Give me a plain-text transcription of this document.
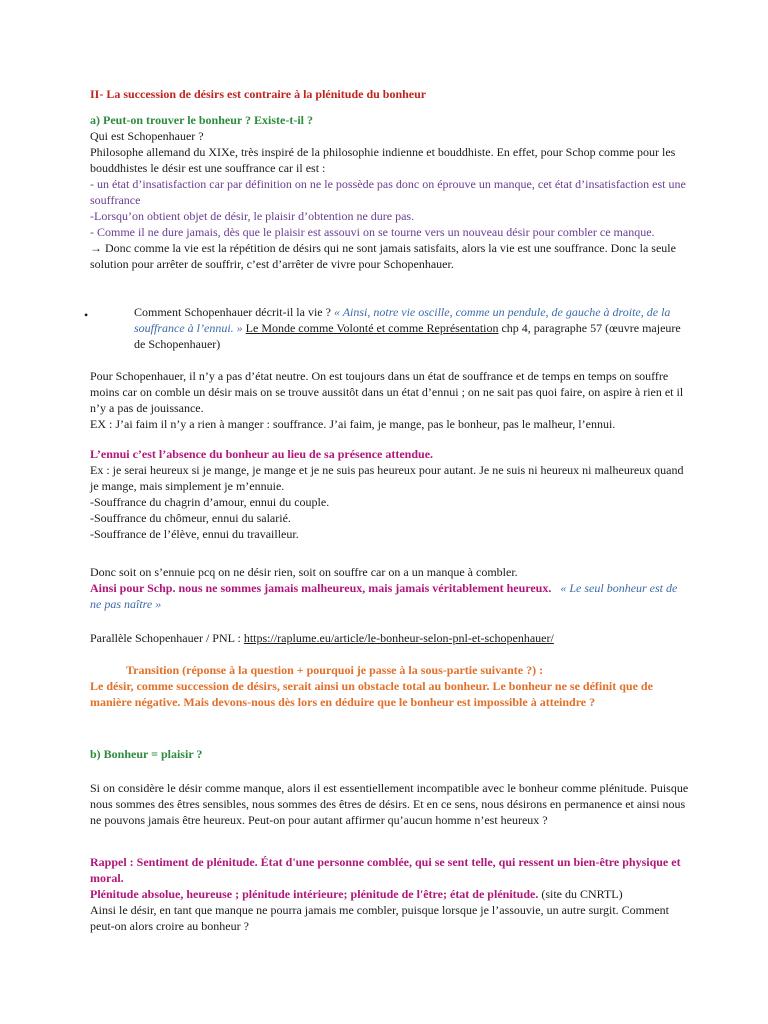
II- La succession de désirs est contraire à la plénitude du bonheur

a) Peut-on trouver le bonheur ? Existe-t-il ?

Qui est Schopenhauer ?

Philosophe allemand du XIXe, très inspiré de la philosophie indienne et bouddhiste. En effet, pour Schop comme pour les bouddhistes le désir est une souffrance car il est :

- un état d’insatisfaction car par définition on ne le possède pas donc on éprouve un manque, cet état d’insatisfaction est une souffrance

-Lorsqu’on obtient objet de désir, le plaisir d’obtention ne dure pas.

- Comme il ne dure jamais, dès que le plaisir est assouvi on se tourne vers un nouveau désir pour combler ce manque.

→ Donc comme la vie est la répétition de désirs qui ne sont jamais satisfaits, alors la vie est une souffrance. Donc la seule solution pour arrêter de souffrir, c’est d’arrêter de vivre pour Schopenhauer.

•	Comment Schopenhauer décrit-il la vie ? « Ainsi, notre vie oscille, comme un pendule, de gauche à droite, de la souffrance à l’ennui. » Le Monde comme Volonté et comme Représentation chp 4, paragraphe 57 (œuvre majeure de Schopenhauer)

Pour Schopenhauer, il n’y a pas d’état neutre. On est toujours dans un état de souffrance et de temps en temps on souffre moins car on comble un désir mais on se trouve aussitôt dans un état d’ennui ; on ne sait pas quoi faire, on aspire à rien et il n’y a pas de jouissance.

EX : J’ai faim il n’y a rien à manger : souffrance. J’ai faim, je mange, pas le bonheur, pas le malheur, l’ennui.

L’ennui c’est l’absence du bonheur au lieu de sa présence attendue.

Ex : je serai heureux si je mange, je mange et je ne suis pas heureux pour autant. Je ne suis ni heureux ni malheureux quand je mange, mais simplement je m’ennuie.

-Souffrance du chagrin d’amour, ennui du couple.

-Souffrance du chômeur, ennui du salarié.

-Souffrance de l’élève, ennui du travailleur.

Donc soit on s’ennuie pcq on ne désir rien, soit on souffre car on a un manque à combler.

Ainsi pour Schp. nous ne sommes jamais malheureux, mais jamais véritablement heureux. « Le seul bonheur est de ne pas naître »

Parallèle Schopenhauer / PNL : https://raplume.eu/article/le-bonheur-selon-pnl-et-schopenhauer/

Transition (réponse à la question + pourquoi je passe à la sous-partie suivante ?) :

Le désir, comme succession de désirs, serait ainsi un obstacle total au bonheur. Le bonheur ne se définit que de manière négative. Mais devons-nous dès lors en déduire que le bonheur est impossible à atteindre ?

b) Bonheur = plaisir ?

Si on considère le désir comme manque, alors il est essentiellement incompatible avec le bonheur comme plénitude. Puisque nous sommes des êtres sensibles, nous sommes des êtres de désirs. Et en ce sens, nous désirons en permanence et ainsi nous ne pouvons jamais être heureux. Peut-on pour autant affirmer qu’aucun homme n’est heureux ?

Rappel : Sentiment de plénitude. État d'une personne comblée, qui se sent telle, qui ressent un bien-être physique et moral.

Plénitude absolue, heureuse ; plénitude intérieure; plénitude de l'être; état de plénitude. (site du CNRTL)

Ainsi le désir, en tant que manque ne pourra jamais me combler, puisque lorsque je l’assouvie, un autre surgit. Comment peut-on alors croire au bonheur ?
